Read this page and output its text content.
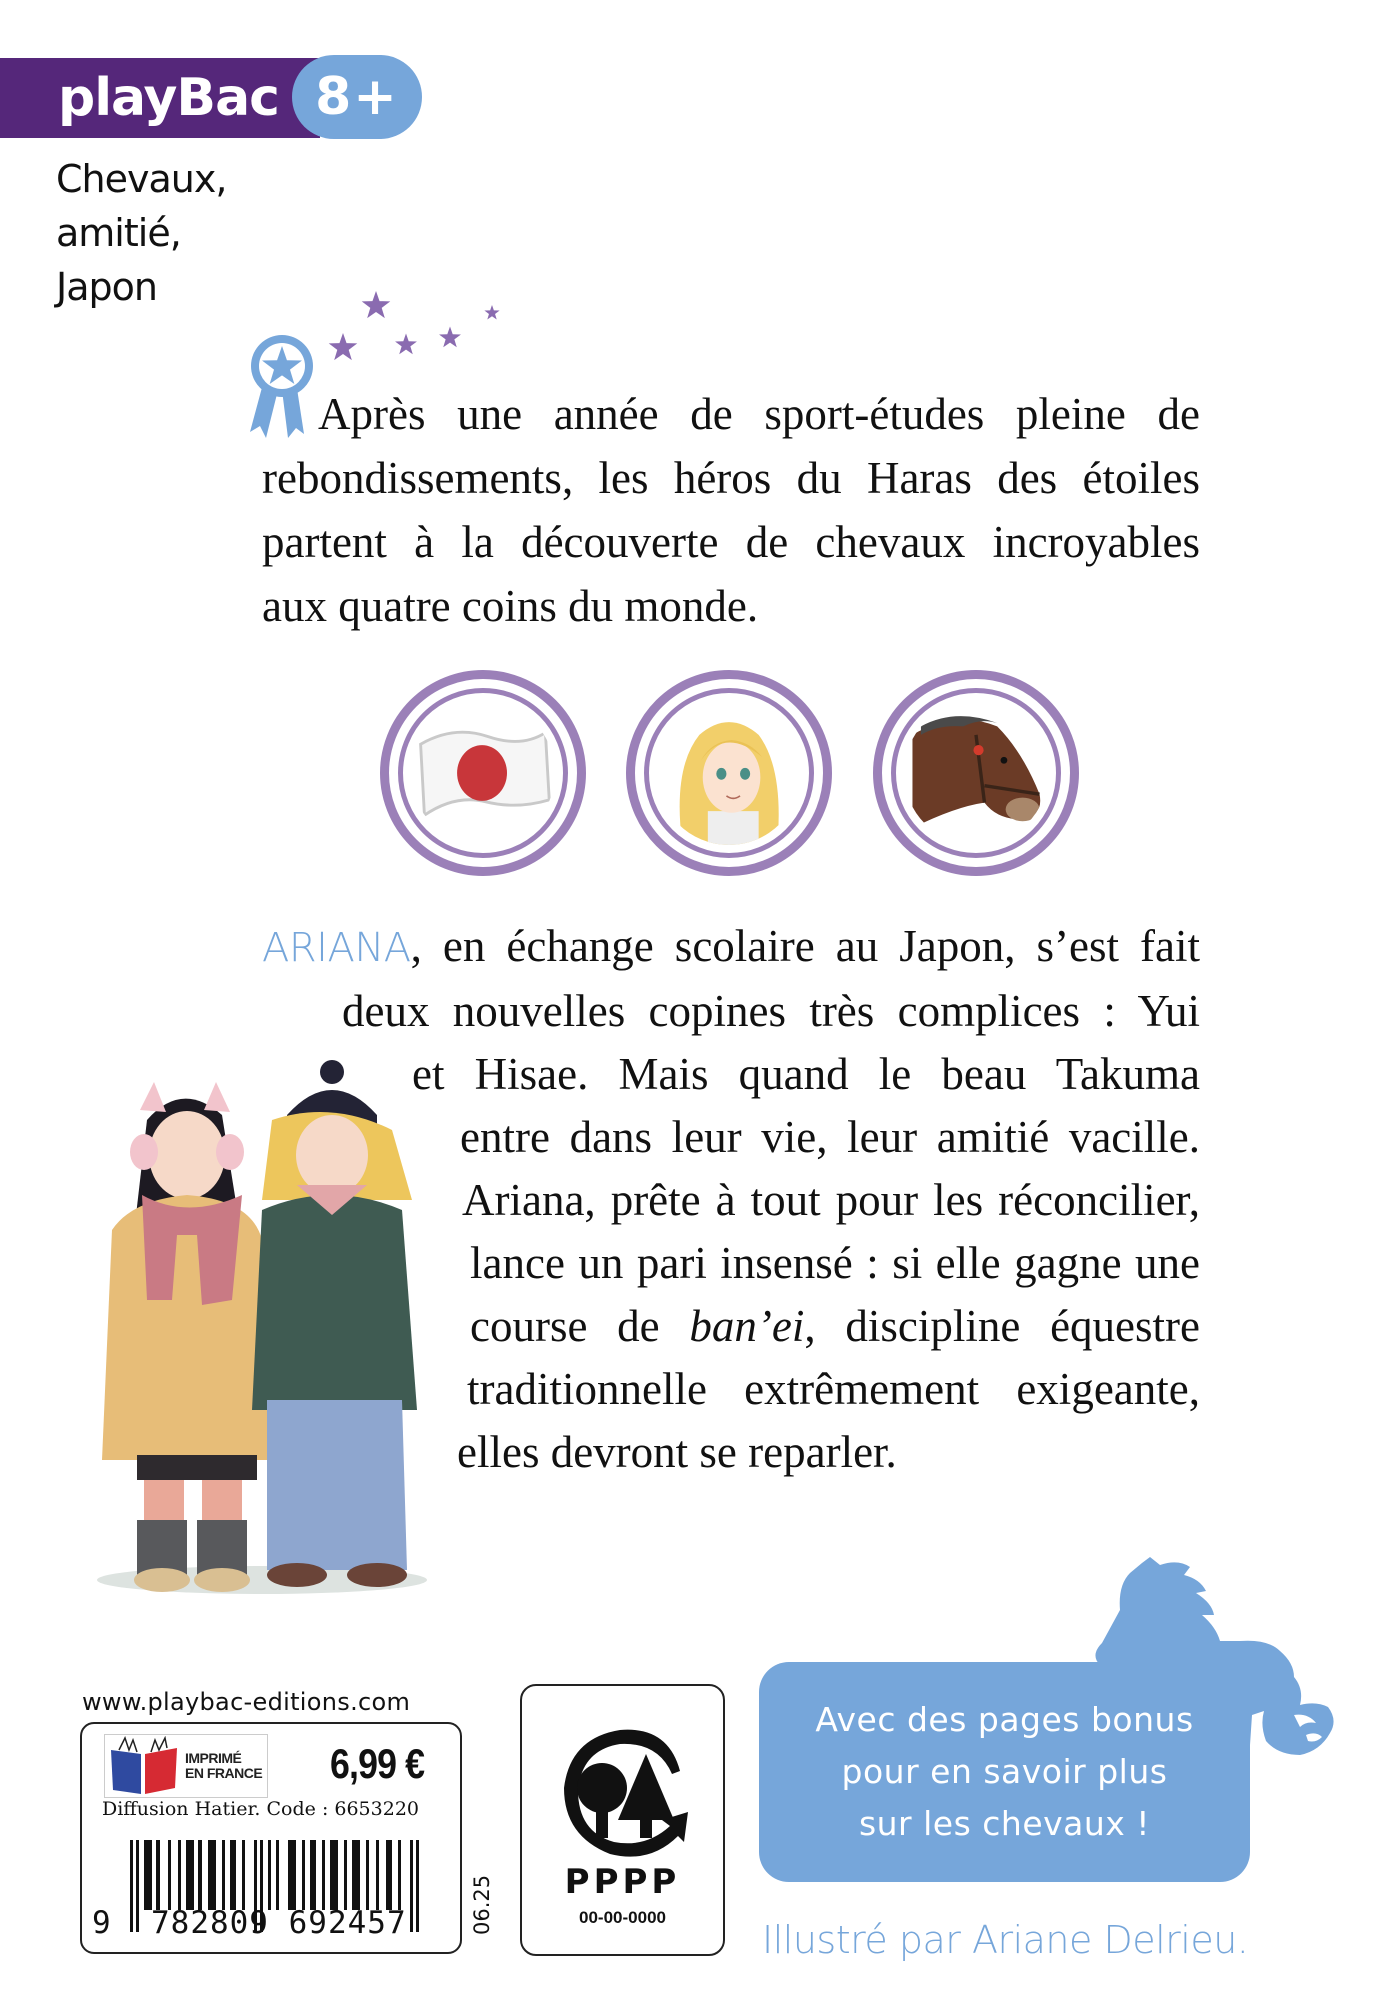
playBac 8+
Chevaux,
amitié,
Japon
Après une année de sport-études pleine de
rebondissements, les héros du Haras des étoiles
partent à la découverte de chevaux incroyables
aux quatre coins du monde.
ARIANA, en échange scolaire au Japon, s’est fait
deux nouvelles copines très complices : Yui
et Hisae. Mais quand le beau Takuma
entre dans leur vie, leur amitié vacille.
Ariana, prête à tout pour les réconcilier,
lance un pari insensé : si elle gagne une
course de ban’ei, discipline équestre
traditionnelle extrêmement exigeante,
elles devront se reparler.
www.playbac-editions.com
IMPRIMÉ
EN FRANCE 6,99 €
Diffusion Hatier. Code : 6653220
9  782809 692457	06.25	PPPP
00-00-0000
Avec des pages bonus
pour en savoir plus
sur les chevaux !
Illustré par Ariane Delrieu.
